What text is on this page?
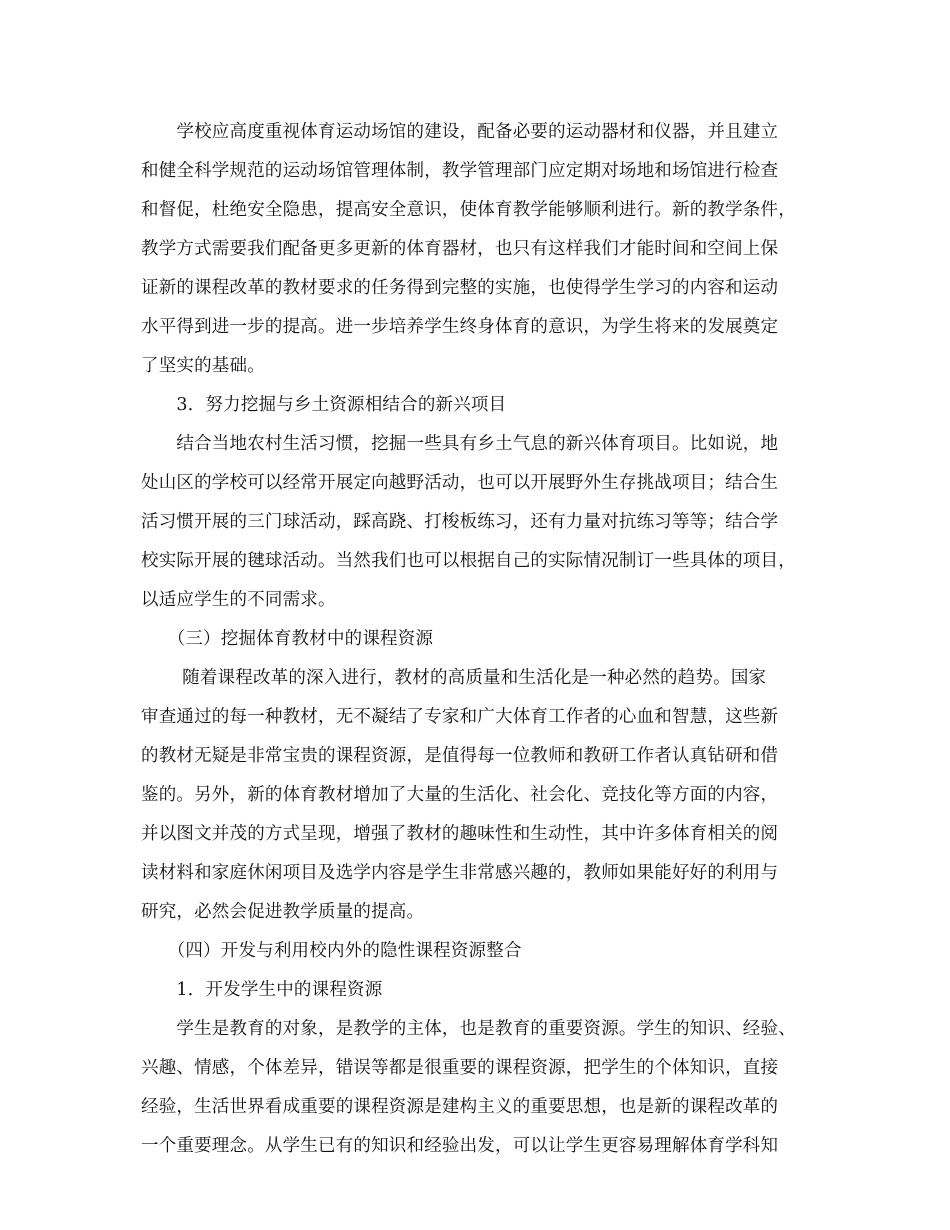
　　学校应高度重视体育运动场馆的建设，配备必要的运动器材和仪器，并且建立
和健全科学规范的运动场馆管理体制，教学管理部门应定期对场地和场馆进行检查
和督促，杜绝安全隐患，提高安全意识，使体育教学能够顺利进行。新的教学条件，
教学方式需要我们配备更多更新的体育器材，也只有这样我们才能时间和空间上保
证新的课程改革的教材要求的任务得到完整的实施，也使得学生学习的内容和运动
水平得到进一步的提高。进一步培养学生终身体育的意识，为学生将来的发展奠定
了坚实的基础。
　　3．努力挖掘与乡土资源相结合的新兴项目
　　结合当地农村生活习惯，挖掘一些具有乡土气息的新兴体育项目。比如说，地
处山区的学校可以经常开展定向越野活动，也可以开展野外生存挑战项目；结合生
活习惯开展的三门球活动，踩高跷、打梭板练习，还有力量对抗练习等等；结合学
校实际开展的毽球活动。当然我们也可以根据自己的实际情况制订一些具体的项目，
以适应学生的不同需求。
　　（三）挖掘体育教材中的课程资源
　　 随着课程改革的深入进行，教材的高质量和生活化是一种必然的趋势。国家
审查通过的每一种教材，无不凝结了专家和广大体育工作者的心血和智慧，这些新
的教材无疑是非常宝贵的课程资源，是值得每一位教师和教研工作者认真钻研和借
鉴的。另外，新的体育教材增加了大量的生活化、社会化、竞技化等方面的内容，
并以图文并茂的方式呈现，增强了教材的趣味性和生动性，其中许多体育相关的阅
读材料和家庭休闲项目及选学内容是学生非常感兴趣的，教师如果能好好的利用与
研究，必然会促进教学质量的提高。
　　（四）开发与利用校内外的隐性课程资源整合
　　1．开发学生中的课程资源
　　学生是教育的对象，是教学的主体，也是教育的重要资源。学生的知识、经验、
兴趣、情感，个体差异，错误等都是很重要的课程资源，把学生的个体知识，直接
经验，生活世界看成重要的课程资源是建构主义的重要思想，也是新的课程改革的
一个重要理念。从学生已有的知识和经验出发，可以让学生更容易理解体育学科知
